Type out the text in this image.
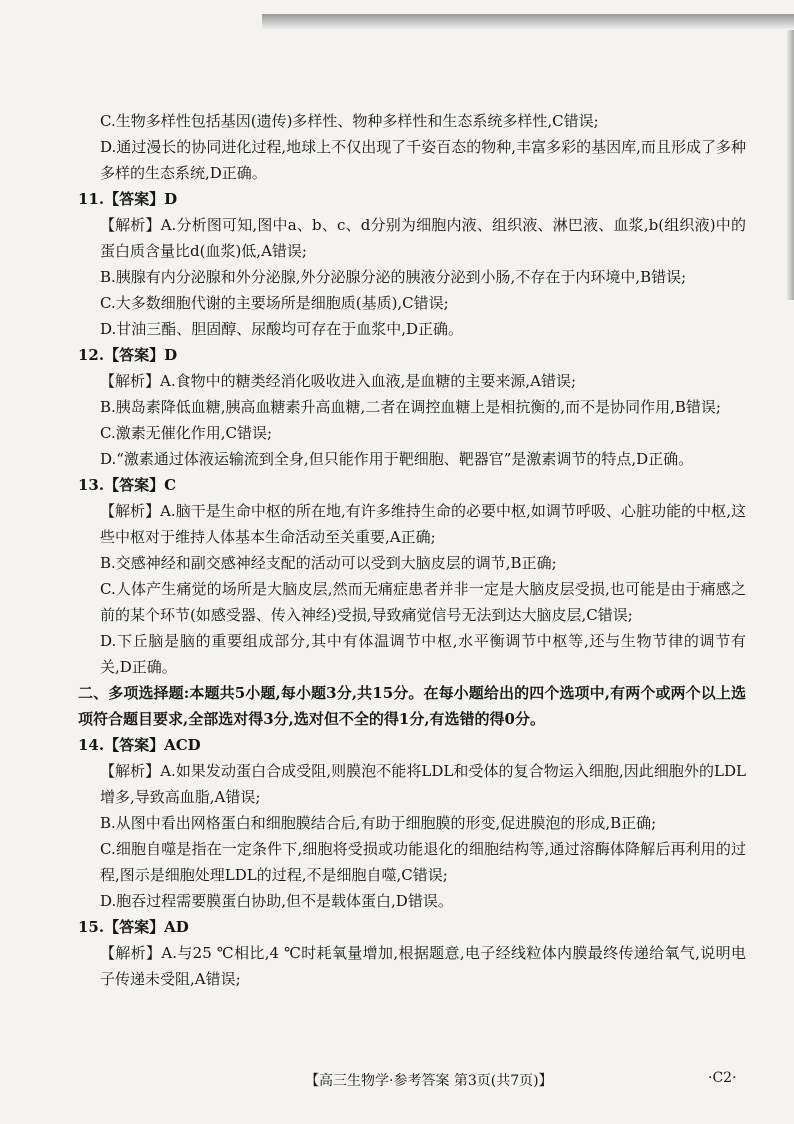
C.生物多样性包括基因(遗传)多样性、物种多样性和生态系统多样性,C错误;

D.通过漫长的协同进化过程,地球上不仅出现了千姿百态的物种,丰富多彩的基因库,而且形成了多种多样的生态系统,D正确。

11.【答案】D

【解析】A.分析图可知,图中a、b、c、d分别为细胞内液、组织液、淋巴液、血浆,b(组织液)中的蛋白质含量比d(血浆)低,A错误;

B.胰腺有内分泌腺和外分泌腺,外分泌腺分泌的胰液分泌到小肠,不存在于内环境中,B错误;

C.大多数细胞代谢的主要场所是细胞质(基质),C错误;

D.甘油三酯、胆固醇、尿酸均可存在于血浆中,D正确。

12.【答案】D

【解析】A.食物中的糖类经消化吸收进入血液,是血糖的主要来源,A错误;

B.胰岛素降低血糖,胰高血糖素升高血糖,二者在调控血糖上是相抗衡的,而不是协同作用,B错误;

C.激素无催化作用,C错误;

D.“激素通过体液运输流到全身,但只能作用于靶细胞、靶器官”是激素调节的特点,D正确。

13.【答案】C

【解析】A.脑干是生命中枢的所在地,有许多维持生命的必要中枢,如调节呼吸、心脏功能的中枢,这些中枢对于维持人体基本生命活动至关重要,A正确;

B.交感神经和副交感神经支配的活动可以受到大脑皮层的调节,B正确;

C.人体产生痛觉的场所是大脑皮层,然而无痛症患者并非一定是大脑皮层受损,也可能是由于痛感之前的某个环节(如感受器、传入神经)受损,导致痛觉信号无法到达大脑皮层,C错误;

D.下丘脑是脑的重要组成部分,其中有体温调节中枢,水平衡调节中枢等,还与生物节律的调节有关,D正确。

二、多项选择题:本题共5小题,每小题3分,共15分。在每小题给出的四个选项中,有两个或两个以上选项符合题目要求,全部选对得3分,选对但不全的得1分,有选错的得0分。

14.【答案】ACD

【解析】A.如果发动蛋白合成受阻,则膜泡不能将LDL和受体的复合物运入细胞,因此细胞外的LDL增多,导致高血脂,A错误;

B.从图中看出网格蛋白和细胞膜结合后,有助于细胞膜的形变,促进膜泡的形成,B正确;

C.细胞自噬是指在一定条件下,细胞将受损或功能退化的细胞结构等,通过溶酶体降解后再利用的过程,图示是细胞处理LDL的过程,不是细胞自噬,C错误;

D.胞吞过程需要膜蛋白协助,但不是载体蛋白,D错误。

15.【答案】AD

【解析】A.与25 ℃相比,4 ℃时耗氧量增加,根据题意,电子经线粒体内膜最终传递给氧气,说明电子传递未受阻,A错误;

【高三生物学·参考答案 第3页(共7页)】	·C2·
